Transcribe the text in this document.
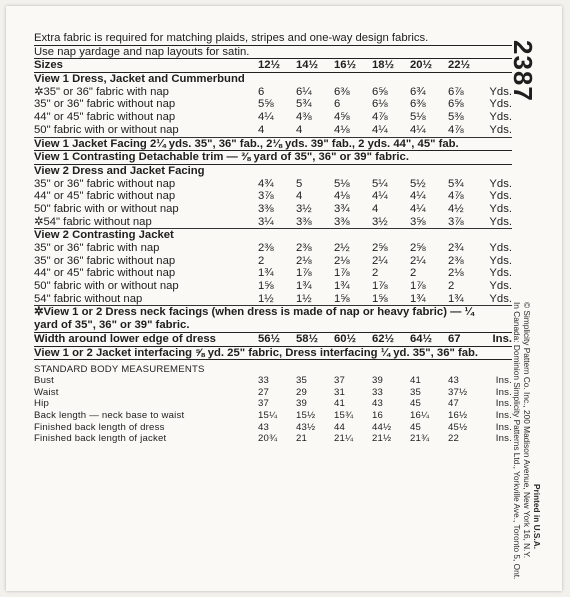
Extra fabric is required for matching plaids, stripes and one-way design fabrics.
Use nap yardage and nap layouts for satin.
Sizes	12½	14½	16½	18½	20½	22½
View 1 Dress, Jacket and Cummerbund
✲35" or 36" fabric with nap	6	6¼	6⅜	6⅝	6¾	6⅞	Yds.
35" or 36" fabric without nap	5⅝	5¾	6	6⅛	6⅜	6⅝	Yds.
44" or 45" fabric without nap	4¼	4⅜	4⅝	4⅞	5⅛	5⅜	Yds.
50" fabric with or without nap	4	4	4⅛	4¼	4¼	4⅞	Yds.
View 1 Jacket Facing 2¼ yds. 35", 36" fab., 2⅛ yds. 39" fab., 2 yds. 44", 45" fab.
View 1 Contrasting Detachable trim — ⅜ yard of 35", 36" or 39" fabric.
View 2 Dress and Jacket Facing
35" or 36" fabric without nap	4¾	5	5⅛	5¼	5½	5¾	Yds.
44" or 45" fabric without nap	3⅞	4	4⅛	4¼	4¼	4⅞	Yds.
50" fabric with or without nap	3⅜	3½	3¾	4	4¼	4½	Yds.
✲54" fabric without nap	3¼	3⅜	3⅜	3½	3⅝	3⅞	Yds.
View 2 Contrasting Jacket
35" or 36" fabric with nap	2⅜	2⅜	2½	2⅝	2⅝	2¾	Yds.
35" or 36" fabric without nap	2	2⅛	2⅛	2¼	2¼	2⅜	Yds.
44" or 45" fabric without nap	1¾	1⅞	1⅞	2	2	2⅛	Yds.
50" fabric with or without nap	1⅝	1¾	1¾	1⅞	1⅞	2	Yds.
54" fabric without nap	1½	1½	1⅝	1⅝	1¾	1¾	Yds.
✲View 1 or 2 Dress neck facings (when dress is made of nap or heavy fabric) — ¼
yard of 35", 36" or 39" fabric.
Width around lower edge of dress	56½	58½	60½	62½	64½	67	Ins.
View 1 or 2 Jacket interfacing ⅝ yd. 25" fabric, Dress interfacing ¼ yd. 35", 36" fab.
STANDARD BODY MEASUREMENTS
Bust	33	35	37	39	41	43	Ins.
Waist	27	29	31	33	35	37½	Ins.
Hip	37	39	41	43	45	47	Ins.
Back length — neck base to waist	15¼	15½	15¾	16	16¼	16½	Ins.
Finished back length of dress	43	43½	44	44½	45	45½	Ins.
Finished back length of jacket	20¾	21	21¼	21½	21¾	22	Ins.
2387
© Simplicity Pattern Co. Inc., 200 Madison Avenue, New York 16, N.Y.
In Canada: Dominion Simplicity Patterns Ltd., Yorkville Ave., Toronto 5, Ont. Printed in U.S.A.
